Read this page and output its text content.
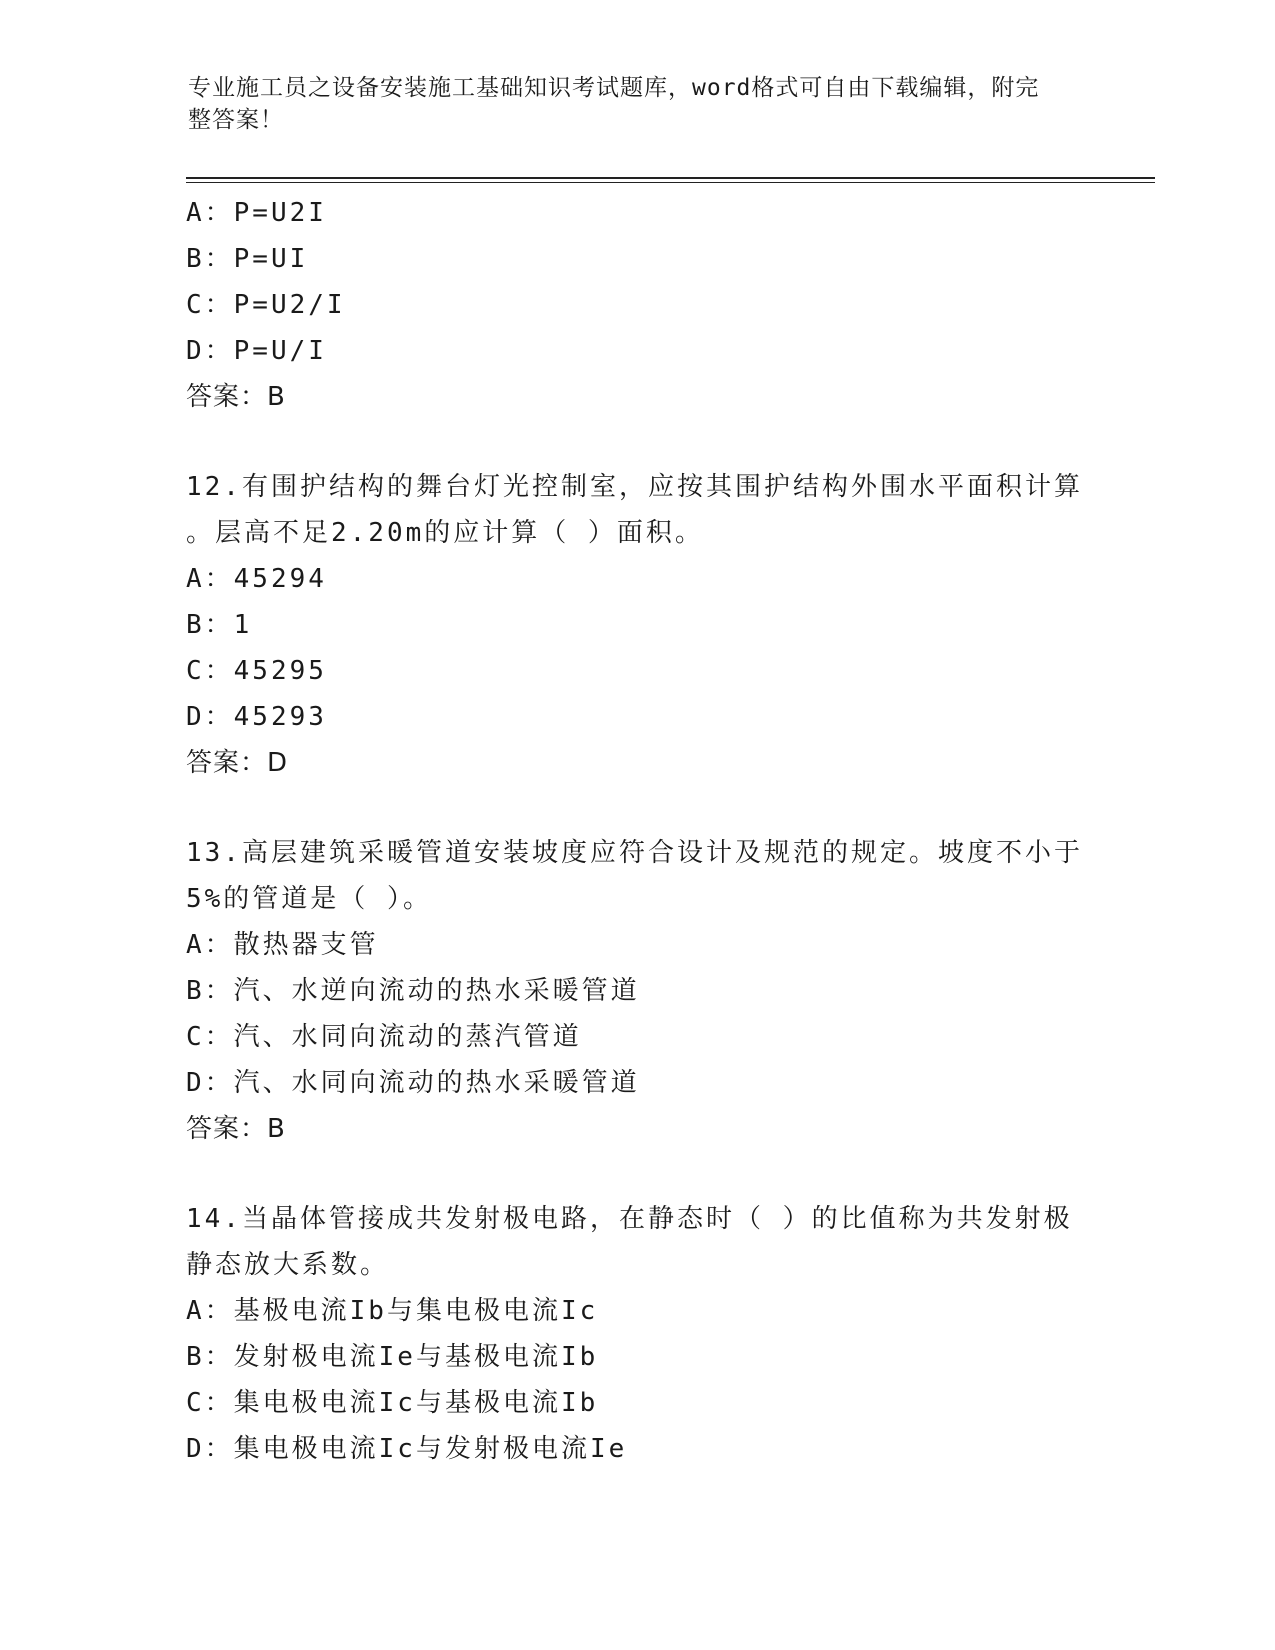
专业施工员之设备安装施工基础知识考试题库，word格式可自由下载编辑，附完
整答案！
A：P=U2I
B：P=UI
C：P=U2/I
D：P=U/I
答案：B
12.有围护结构的舞台灯光控制室，应按其围护结构外围水平面积计算
。层高不足2.20m的应计算（ ）面积。
A：45294
B：1
C：45295
D：45293
答案：D
13.高层建筑采暖管道安装坡度应符合设计及规范的规定。坡度不小于
5%的管道是（ ）。
A：散热器支管
B：汽、水逆向流动的热水采暖管道
C：汽、水同向流动的蒸汽管道
D：汽、水同向流动的热水采暖管道
答案：B
14.当晶体管接成共发射极电路，在静态时（ ）的比值称为共发射极
静态放大系数。
A：基极电流Ib与集电极电流Ic
B：发射极电流Ie与基极电流Ib
C：集电极电流Ic与基极电流Ib
D：集电极电流Ic与发射极电流Ie
